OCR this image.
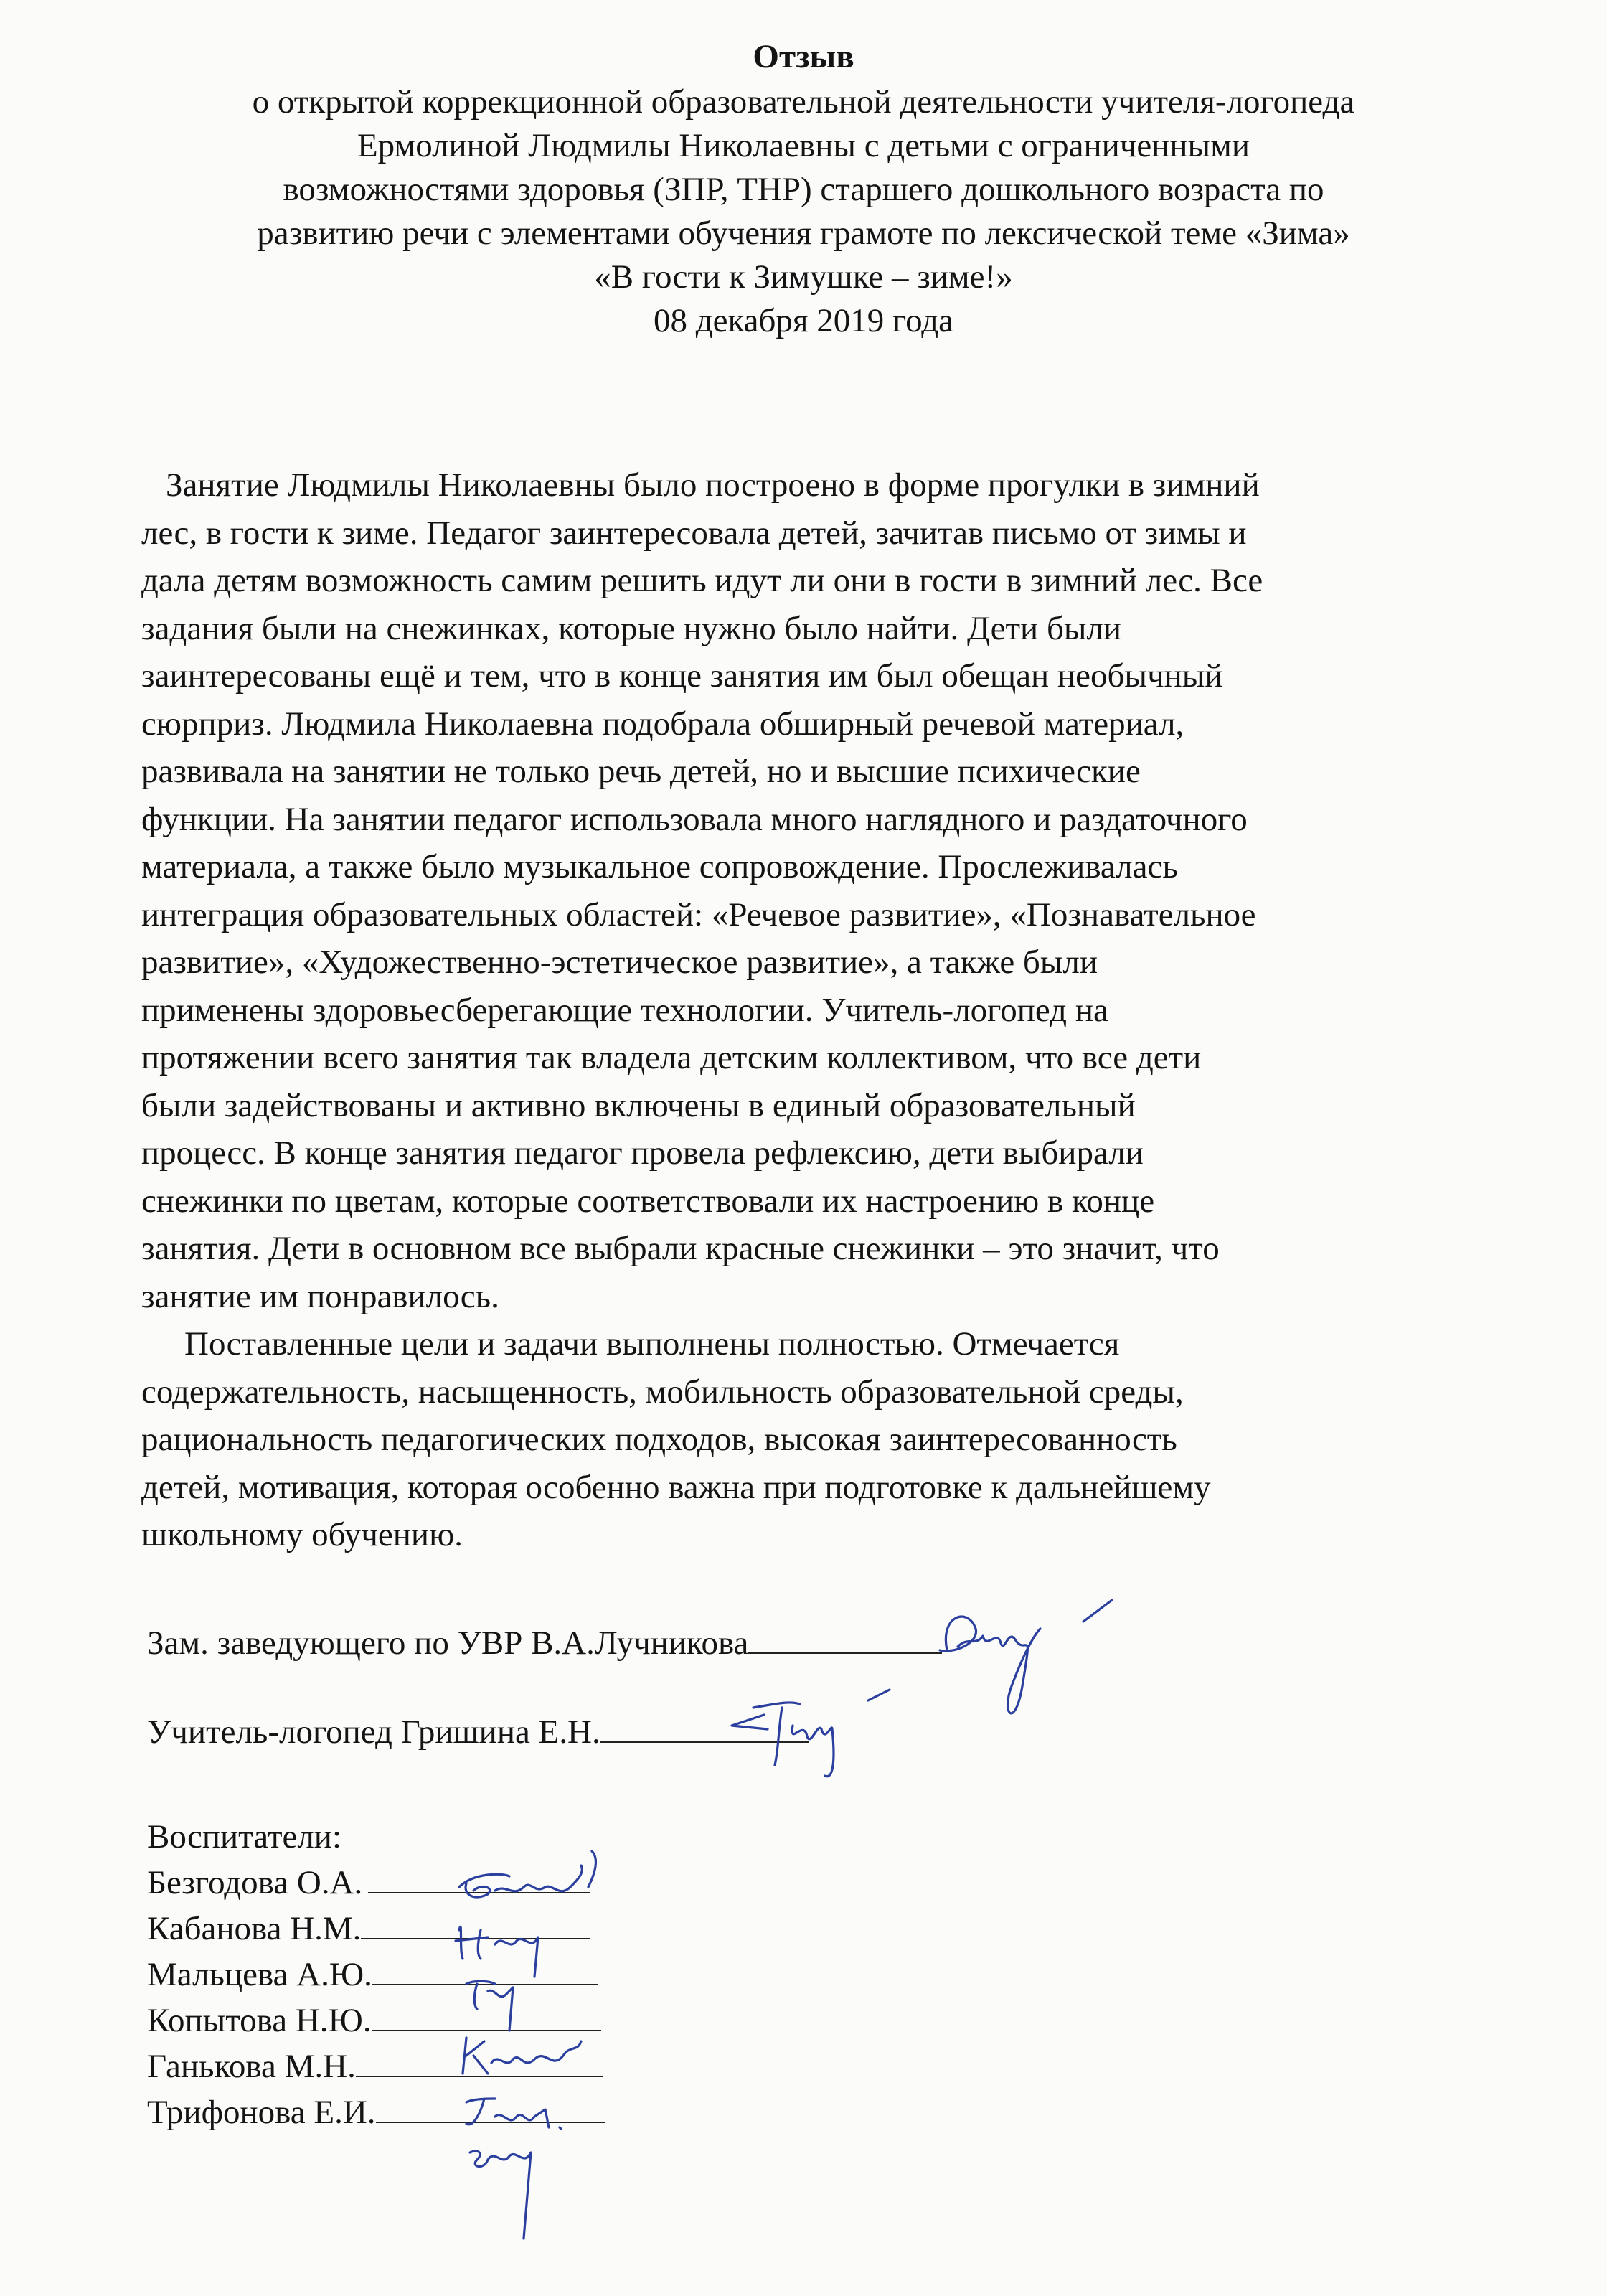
Отзыв
о открытой коррекционной образовательной деятельности учителя-логопеда
Ермолиной Людмилы Николаевны с детьми с ограниченными
возможностями здоровья (ЗПР, ТНР) старшего дошкольного возраста по
развитию речи с элементами обучения грамоте по лексической теме «Зима»
«В гости к Зимушке – зиме!»
08 декабря 2019 года
Занятие Людмилы Николаевны было построено в форме прогулки в зимний
лес, в гости к зиме. Педагог заинтересовала детей, зачитав письмо от зимы и
дала детям возможность самим решить идут ли они в гости в зимний лес. Все
задания были на снежинках, которые нужно было найти. Дети были
заинтересованы ещё и тем, что в конце занятия им был обещан необычный
сюрприз. Людмила Николаевна подобрала обширный речевой материал,
развивала на занятии не только речь детей, но и высшие психические
функции. На занятии педагог использовала много наглядного и раздаточного
материала, а также было музыкальное сопровождение. Прослеживалась
интеграция образовательных областей: «Речевое развитие», «Познавательное
развитие», «Художественно-эстетическое развитие», а также были
применены здоровьесберегающие технологии. Учитель-логопед на
протяжении всего занятия так владела детским коллективом, что все дети
были задействованы и активно включены в единый образовательный
процесс. В конце занятия педагог провела рефлексию, дети выбирали
снежинки по цветам, которые соответствовали их настроению в конце
занятия. Дети в основном все выбрали красные снежинки – это значит, что
занятие им понравилось.
Поставленные цели и задачи выполнены полностью. Отмечается
содержательность, насыщенность, мобильность образовательной среды,
рациональность педагогических подходов, высокая заинтересованность
детей, мотивация, которая особенно важна при подготовке к дальнейшему
школьному обучению.
Зам. заведующего по УВР В.А.Лучникова
Учитель-логопед Гришина Е.Н.
Воспитатели:
Безгодова О.А.
Кабанова Н.М.
Мальцева А.Ю.
Копытова Н.Ю.
Ганькова М.Н.
Трифонова Е.И.
